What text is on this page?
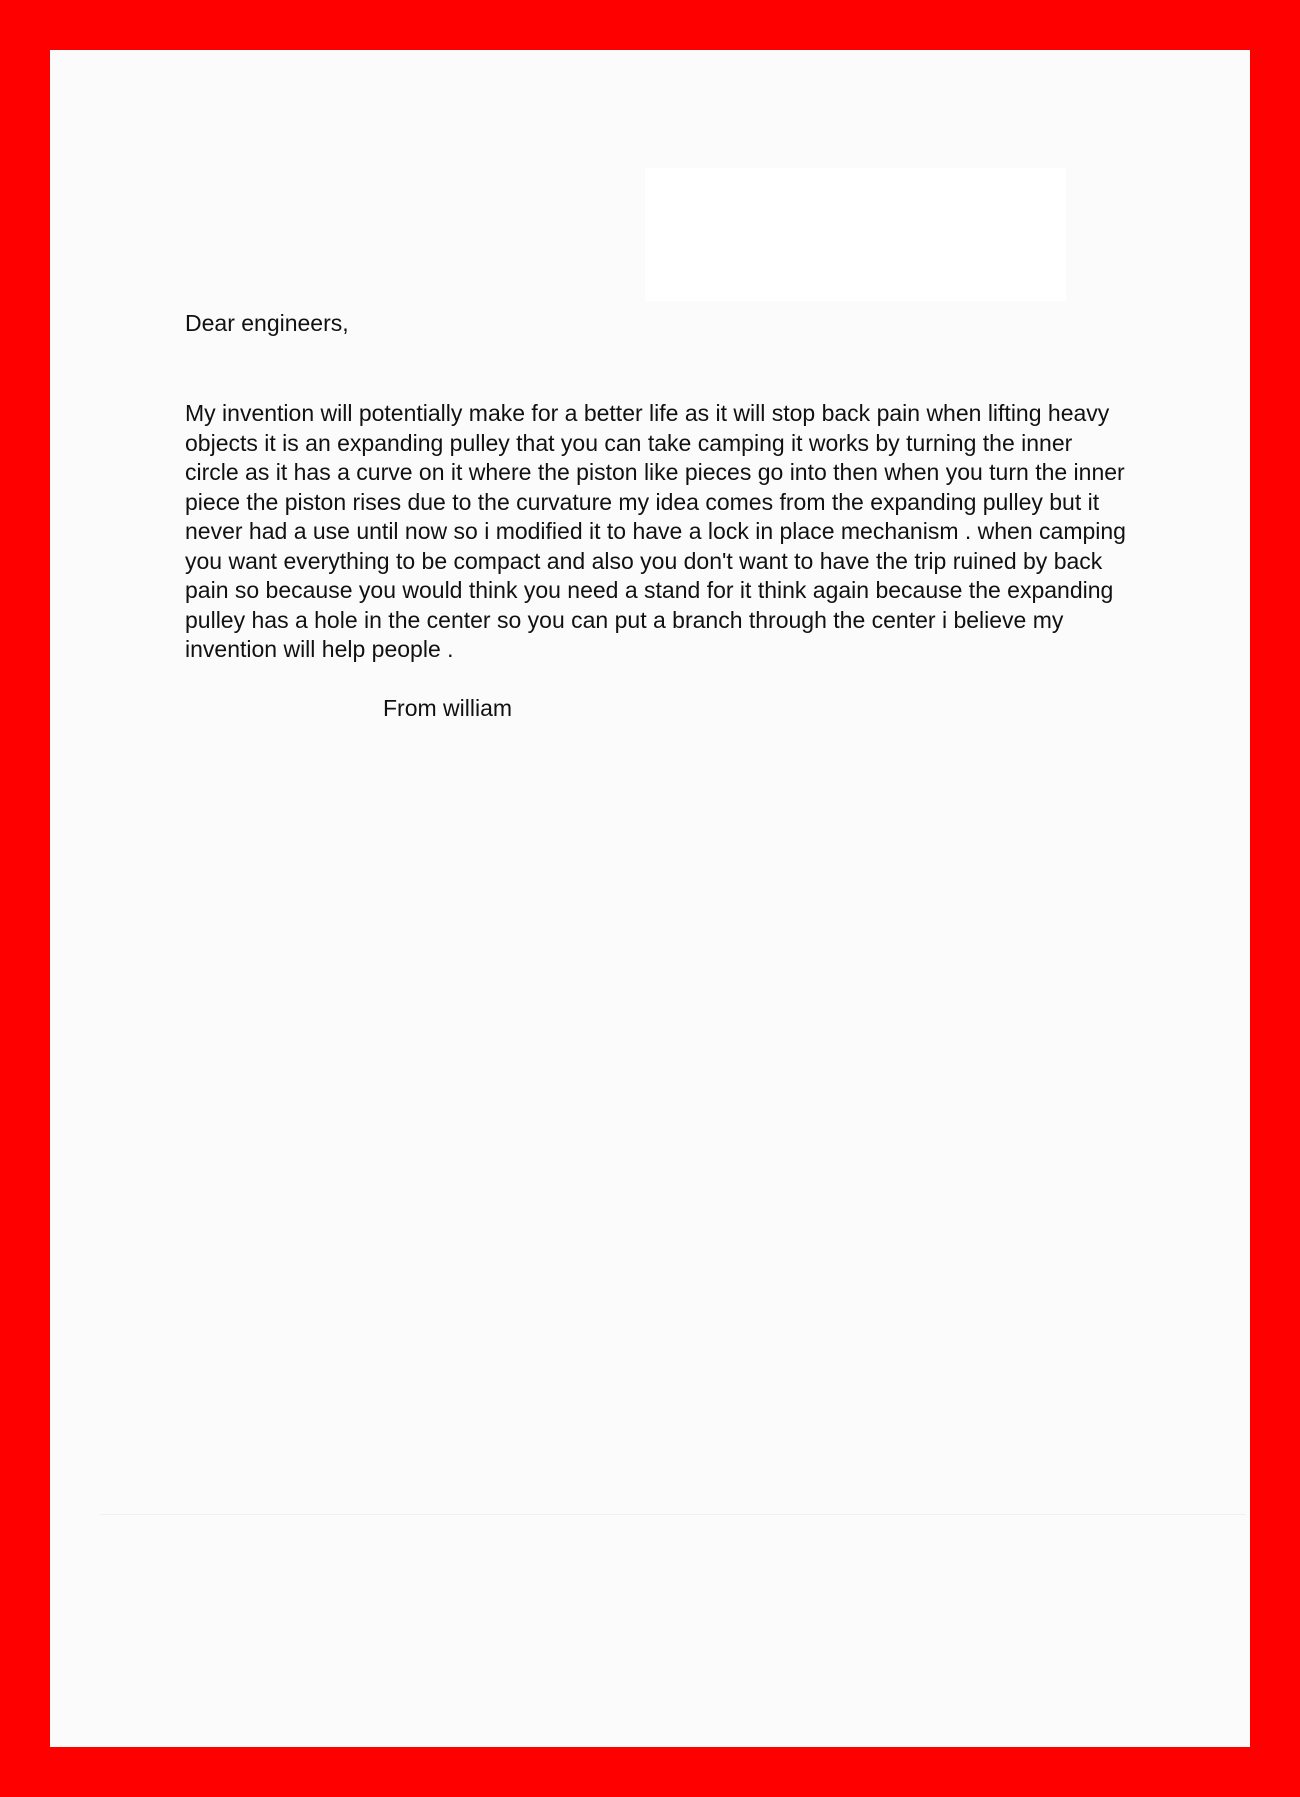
Dear engineers,

My invention will potentially make for a better life as it will stop back pain when lifting heavy
objects it is an expanding pulley that you can take camping it works by turning the inner
circle as it has a curve on it where the piston like pieces go into then when you turn the inner
piece the piston rises due to the curvature my idea comes from the expanding pulley but it
never had a use until now so i modified it to have a lock in place mechanism . when camping
you want everything to be compact and also you don't want to have the trip ruined by back
pain so because you would think you need a stand for it think again because the expanding
pulley has a hole in the center so you can put a branch through the center i believe my
invention will help people .

From william
